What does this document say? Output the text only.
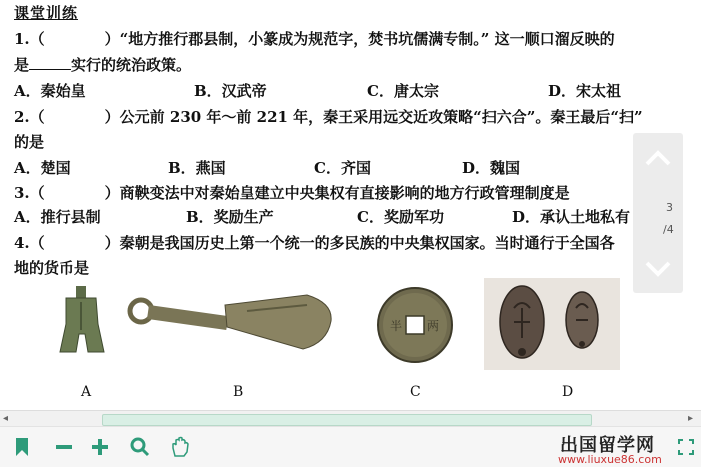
课堂训练
1.（　　　　）“地方推行郡县制，小篆成为规范字，焚书坑儒满专制。” 这一顺口溜反映的
是	实行的统治政策。
A．秦始皇	B．汉武帝	C．唐太宗	D．宋太祖
2.（　　　　）公元前 230 年～前 221 年，秦王采用远交近攻策略“扫六合”。秦王最后“扫”
的是
A．楚国	B．燕国	C．齐国	D．魏国
3.（　　　　）商鞅变法中对秦始皇建立中央集权有直接影响的地方行政管理制度是
A．推行县制	B．奖励生产	C．奖励军功	D．承认土地私有
4.（　　　　）秦朝是我国历史上第一个统一的多民族的中央集权国家。当时通行于全国各
地的货币是
半 两
A	B	C	D
3
/4
◂	▸
出国留学网
www.liuxue86.com
